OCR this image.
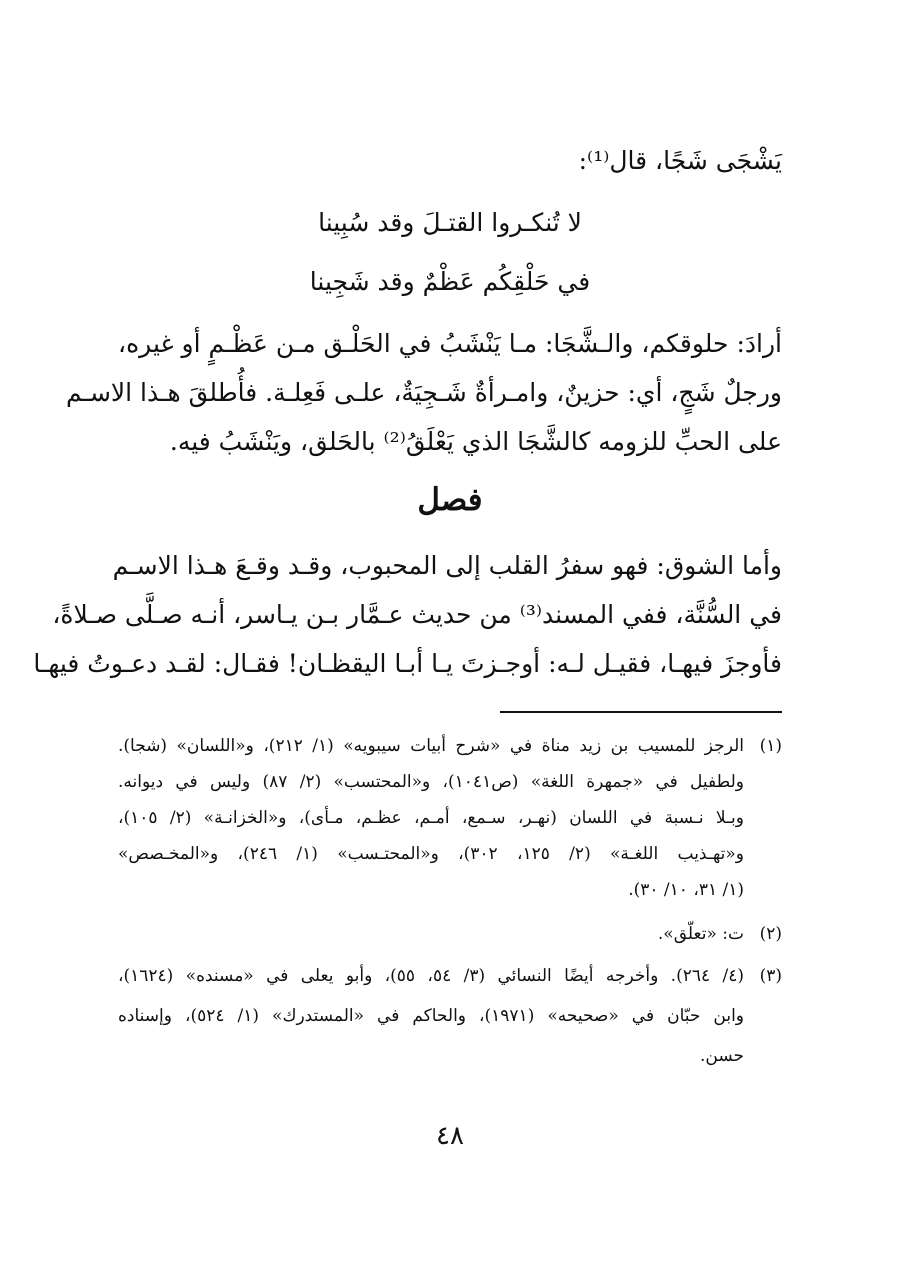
يَشْجَى شَجًا، قال⁽¹⁾:
لا تُنكـروا القتـلَ وقد سُبِينا
في حَلْقِكُم عَظْمٌ وقد شَجِينا
أرادَ: حلوقكم، والـشَّجَا: مـا يَنْشَبُ في الحَلْـق مـن عَظْـمٍ أو غيره،
ورجلٌ شَجٍ، أي: حزينٌ، وامـرأةٌ شَـجِيَةٌ، علـى فَعِلـة. فأُطلقَ هـذا الاسـم
على الحبِّ للزومه كالشَّجَا الذي يَعْلَقُ⁽²⁾ بالحَلق، ويَنْشَبُ فيه.
فصل
وأما الشوق: فهو سفرُ القلب إلى المحبوب، وقـد وقـعَ هـذا الاسـم
في السُّنَّة، ففي المسند⁽³⁾ من حديث عـمَّار بـن يـاسر، أنـه صـلَّى صـلاةً،
فأوجزَ فيهـا، فقيـل لـه: أوجـزتَ يـا أبـا اليقظـان! فقـال: لقـد دعـوتُ فيهـا
(١)الرجز للمسيب بن زيد مناة في «شرح أبيات سيبويه» (١/ ٢١٢)، و«اللسان» (شجا).
ولطفيل في «جمهرة اللغة» (ص١٠٤١)، و«المحتسب» (٢/ ٨٧) وليس في ديوانه.
وبـلا نـسبة في اللسان (نهـر، سـمع، أمـم، عظـم، مـأى)، و«الخزانـة» (٢/ ١٠٥)،
و«تهـذيب اللغـة» (٢/ ١٢٥، ٣٠٢)، و«المحتـسب» (١/ ٢٤٦)، و«المخـصص»
(١/ ٣١، ١٠/ ٣٠).
(٢)ت: «تعلّق».
(٣)(٤/ ٢٦٤). وأخرجه أيضًا النسائي (٣/ ٥٤، ٥٥)، وأبو يعلى في «مسنده» (١٦٢٤)،
وابن حبّان في «صحيحه» (١٩٧١)، والحاكم في «المستدرك» (١/ ٥٢٤)، وإسناده
حسن.
٤٨
